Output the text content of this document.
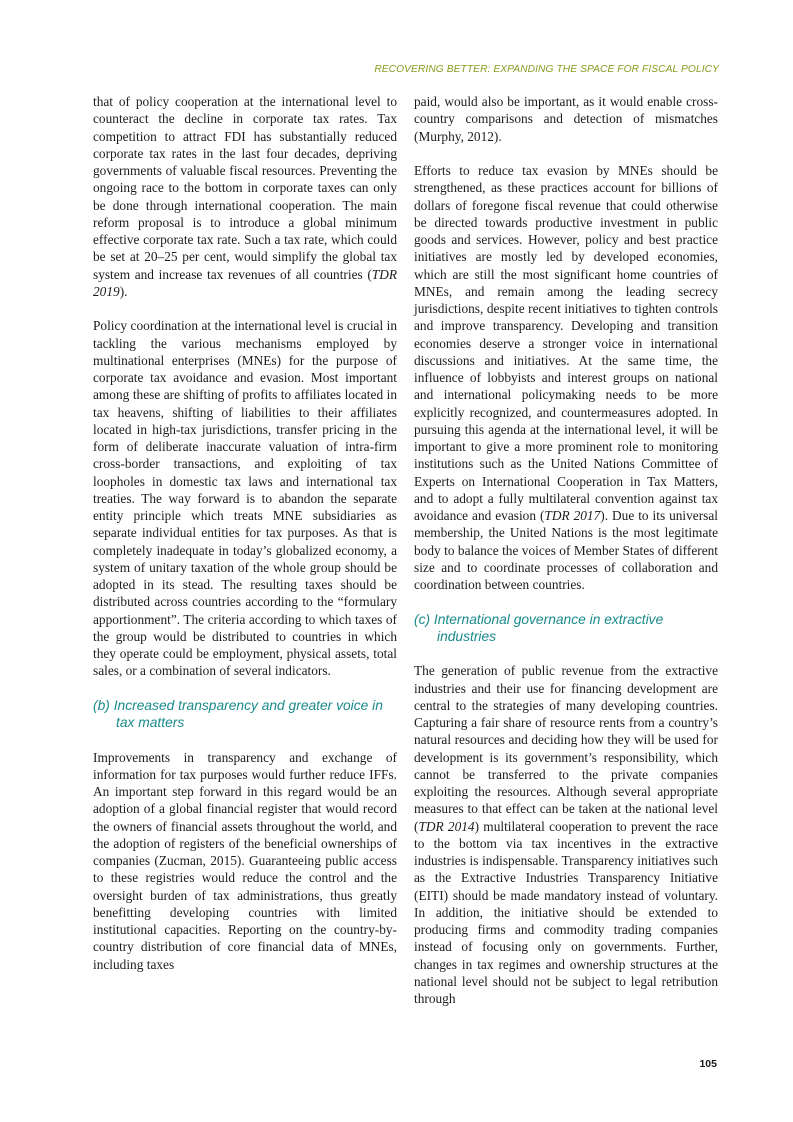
RECOVERING BETTER: EXPANDING THE SPACE FOR FISCAL POLICY

that of policy cooperation at the international level to counteract the decline in corporate tax rates. Tax competition to attract FDI has substantially reduced corporate tax rates in the last four decades, depriving governments of valuable fiscal resources. Preventing the ongoing race to the bottom in corporate taxes can only be done through international cooperation. The main reform proposal is to introduce a global minimum effective corporate tax rate. Such a tax rate, which could be set at 20–25 per cent, would simplify the global tax system and increase tax revenues of all countries (TDR 2019).

Policy coordination at the international level is crucial in tackling the various mechanisms employed by multinational enterprises (MNEs) for the purpose of corporate tax avoidance and evasion. Most important among these are shifting of profits to affiliates located in tax heavens, shifting of liabilities to their affiliates located in high-tax jurisdictions, transfer pricing in the form of deliberate inaccurate valuation of intra-firm cross-border transactions, and exploiting of tax loopholes in domestic tax laws and international tax treaties. The way forward is to abandon the separate entity principle which treats MNE subsidiaries as separate individual entities for tax purposes. As that is completely inadequate in today’s globalized economy, a system of unitary taxation of the whole group should be adopted in its stead. The resulting taxes should be distributed across countries according to the “formulary apportionment”. The criteria according to which taxes of the group would be distributed to countries in which they operate could be employment, physical assets, total sales, or a combination of several indicators.

(b) Increased transparency and greater voice in tax matters

Improvements in transparency and exchange of information for tax purposes would further reduce IFFs. An important step forward in this regard would be an adoption of a global financial register that would record the owners of financial assets throughout the world, and the adoption of registers of the beneficial ownerships of companies (Zucman, 2015). Guaranteeing public access to these registries would reduce the control and the oversight burden of tax administrations, thus greatly benefitting developing countries with limited institutional capacities. Reporting on the country-by-country distribution of core financial data of MNEs, including taxes

paid, would also be important, as it would enable cross-country comparisons and detection of mismatches (Murphy, 2012).

Efforts to reduce tax evasion by MNEs should be strengthened, as these practices account for billions of dollars of foregone fiscal revenue that could otherwise be directed towards productive investment in public goods and services. However, policy and best practice initiatives are mostly led by developed economies, which are still the most significant home countries of MNEs, and remain among the leading secrecy jurisdictions, despite recent initiatives to tighten controls and improve transparency. Developing and transition economies deserve a stronger voice in international discussions and initiatives. At the same time, the influence of lobbyists and interest groups on national and international policymaking needs to be more explicitly recognized, and countermeasures adopted. In pursuing this agenda at the international level, it will be important to give a more prominent role to monitoring institutions such as the United Nations Committee of Experts on International Cooperation in Tax Matters, and to adopt a fully multilateral convention against tax avoidance and evasion (TDR 2017). Due to its universal membership, the United Nations is the most legitimate body to balance the voices of Member States of different size and to coordinate processes of collaboration and coordination between countries.

(c) International governance in extractive industries

The generation of public revenue from the extractive industries and their use for financing development are central to the strategies of many developing countries. Capturing a fair share of resource rents from a country’s natural resources and deciding how they will be used for development is its government’s responsibility, which cannot be transferred to the private companies exploiting the resources. Although several appropriate measures to that effect can be taken at the national level (TDR 2014) multilateral cooperation to prevent the race to the bottom via tax incentives in the extractive industries is indispensable. Transparency initiatives such as the Extractive Industries Transparency Initiative (EITI) should be made mandatory instead of voluntary. In addition, the initiative should be extended to producing firms and commodity trading companies instead of focusing only on governments. Further, changes in tax regimes and ownership structures at the national level should not be subject to legal retribution through

105
